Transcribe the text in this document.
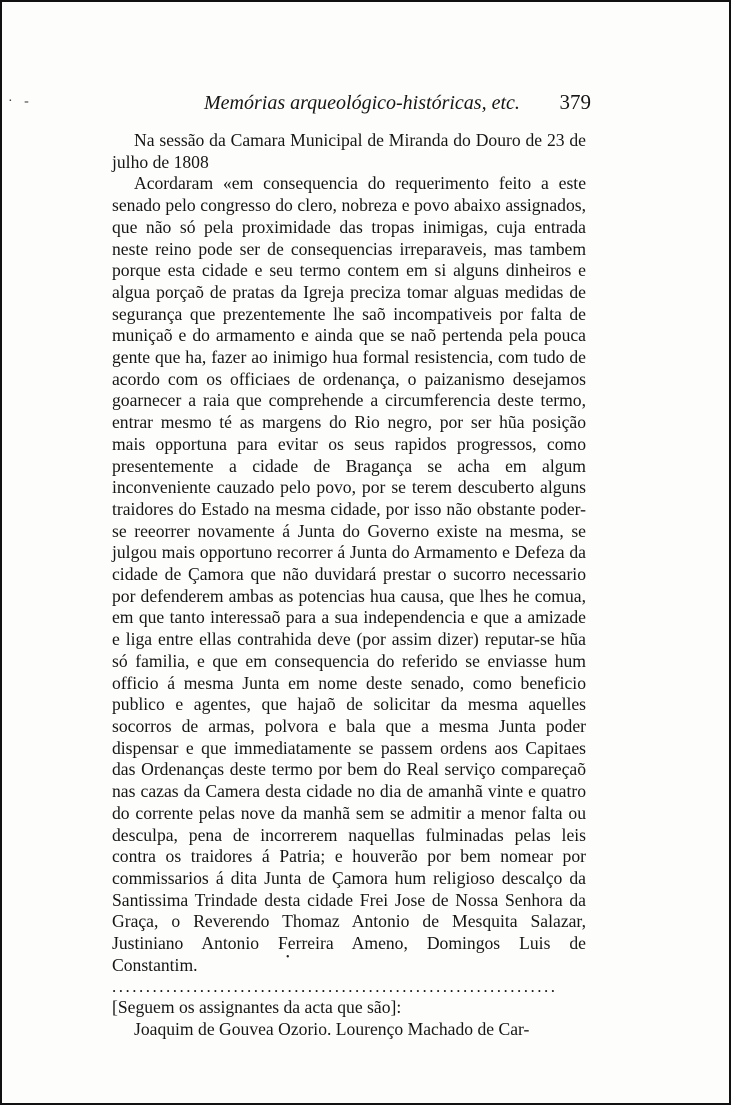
· -	Memórias arqueológico-históricas, etc. 379

Na sessão da Camara Municipal de Miranda do Douro de 23 de julho de 1808

Acordaram «em consequencia do requerimento feito a este senado pelo congresso do clero, nobreza e povo abaixo assignados, que não só pela proximidade das tropas inimigas, cuja entrada neste reino pode ser de consequencias irreparaveis, mas tambem porque esta cidade e seu termo contem em si alguns dinheiros e algua porçaõ de pratas da Igreja preciza tomar alguas medidas de segurança que prezentemente lhe saõ incompativeis por falta de muniçaõ e do armamento e ainda que se naõ pertenda pela pouca gente que ha, fazer ao inimigo hua formal resistencia, com tudo de acordo com os officiaes de ordenança, o paizanismo desejamos goarnecer a raia que comprehende a circumferencia deste termo, entrar mesmo té as margens do Rio negro, por ser hũa posição mais opportuna para evitar os seus rapidos progressos, como presentemente a cidade de Bragança se acha em algum inconveniente cauzado pelo povo, por se terem descuberto alguns traidores do Estado na mesma cidade, por isso não obstante poder-se reeorrer novamente á Junta do Governo existe na mesma, se julgou mais opportuno recorrer á Junta do Armamento e Defeza da cidade de Çamora que não duvidará prestar o sucorro necessario por defenderem ambas as potencias hua causa, que lhes he comua, em que tanto interessaõ para a sua independencia e que a amizade e liga entre ellas contrahida deve (por assim dizer) reputar-se hũa só familia, e que em consequencia do referido se enviasse hum officio á mesma Junta em nome deste senado, como beneficio publico e agentes, que hajaõ de solicitar da mesma aquelles socorros de armas, polvora e bala que a mesma Junta poder dispensar e que immediatamente se passem ordens aos Capitaes das Ordenanças deste termo por bem do Real serviço compareçaõ nas cazas da Camera desta cidade no dia de amanhã vinte e quatro do corrente pelas nove da manhã sem se admitir a menor falta ou desculpa, pena de incorrerem naquellas fulminadas pelas leis contra os traidores á Patria; e houverão por bem nomear por commissarios á dita Junta de Çamora hum religioso descalço da Santissima Trindade desta cidade Frei Jose de Nossa Senhora da Graça, o Reverendo Thomaz Antonio de Mesquita Salazar, Justiniano Antonio Ferreira Ameno, Domingos Luis de Constantim.

..................................................................

[Seguem os assignantes da acta que são]:

Joaquim de Gouvea Ozorio. Lourenço Machado de Car-

•
